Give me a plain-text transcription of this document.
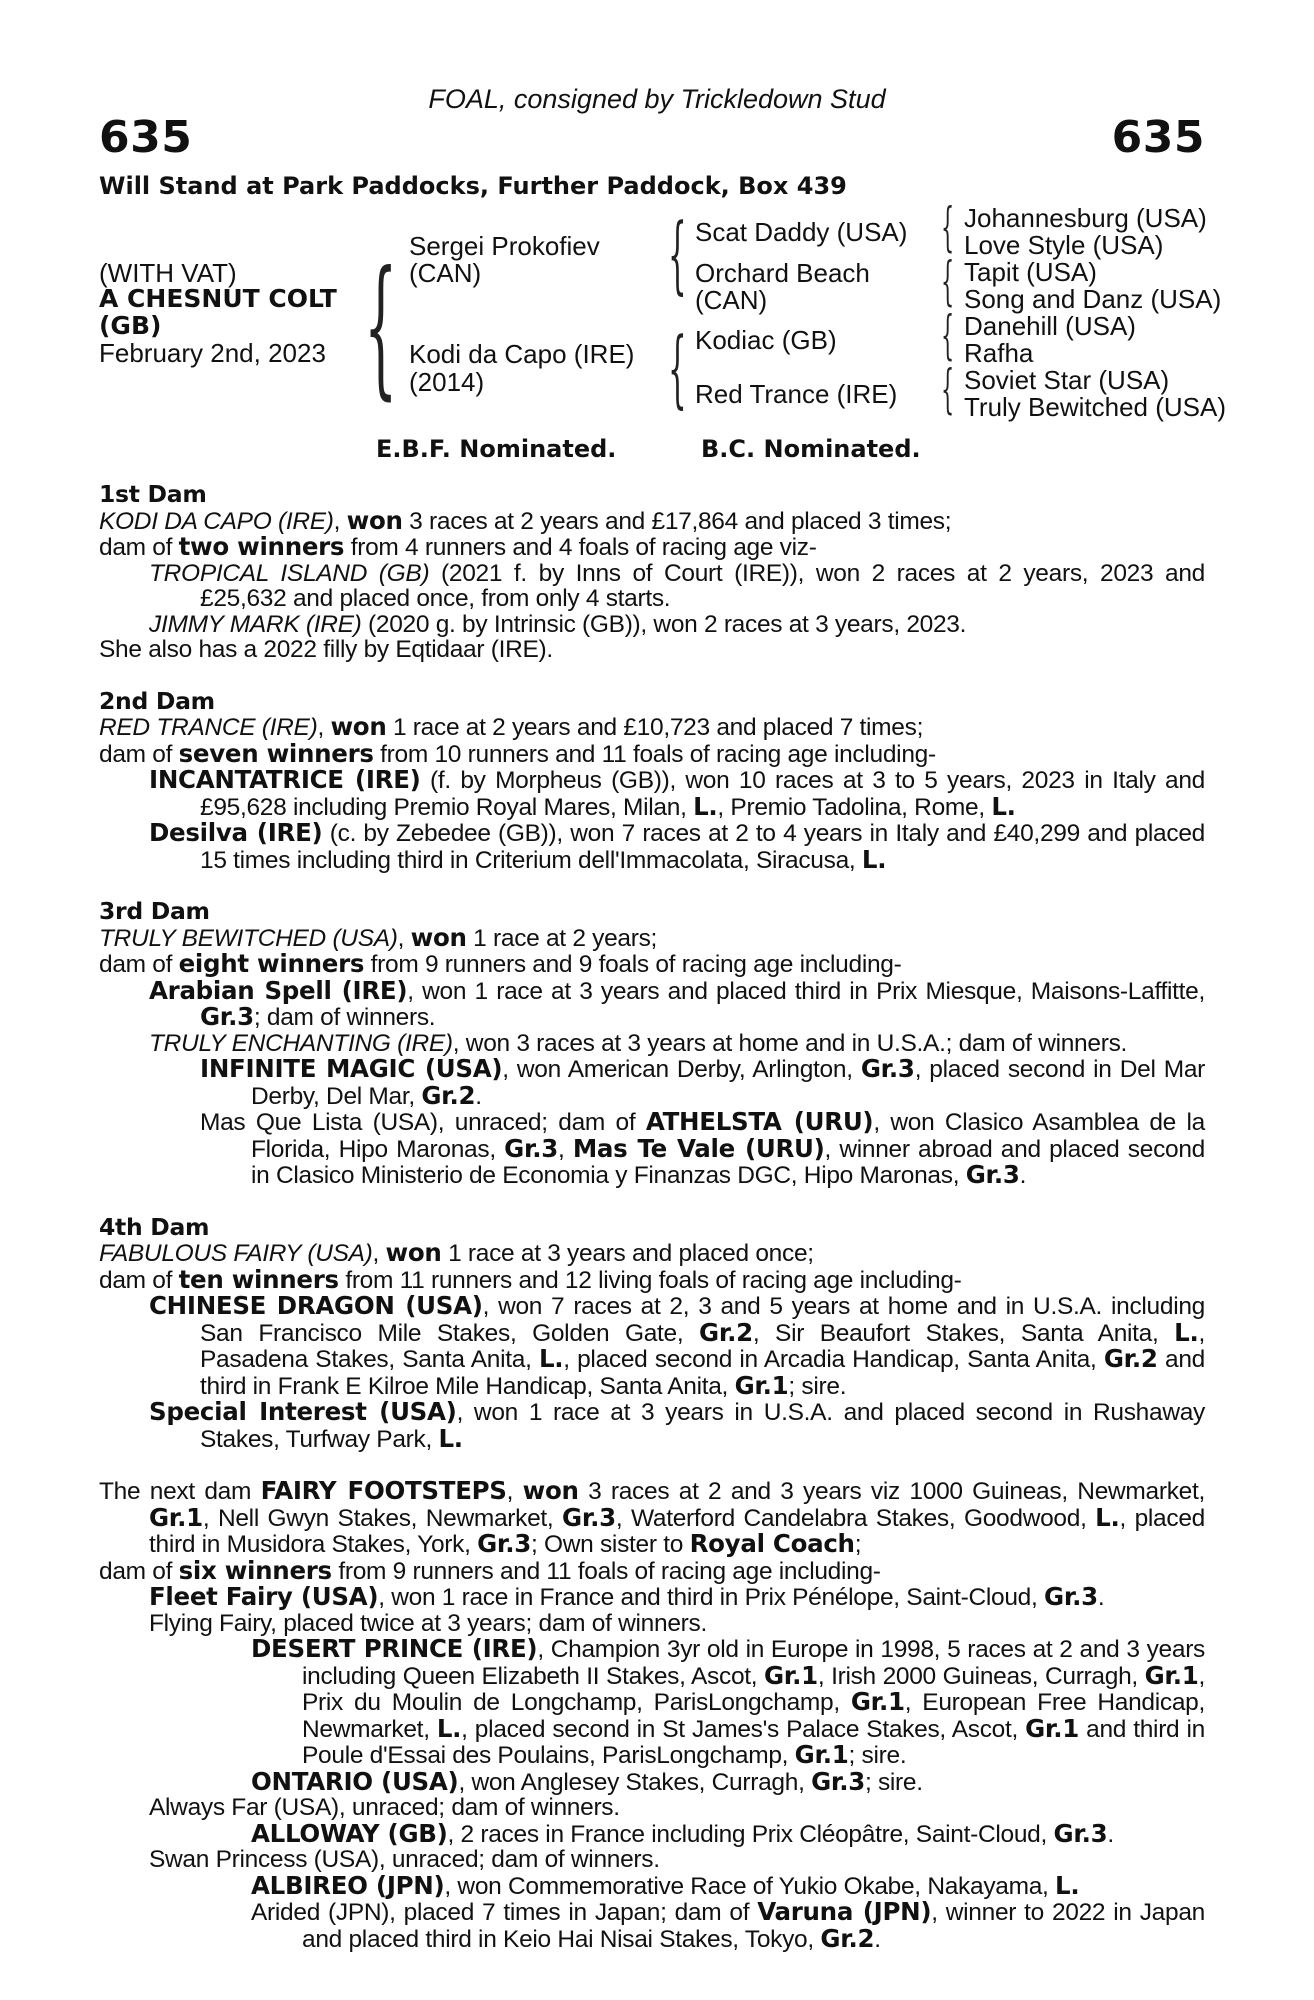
FOAL, consigned by Trickledown Stud
635	635
Will Stand at Park Paddocks, Further Paddock, Box 439
(WITH VAT)
A CHESNUT COLT
(GB)
February 2nd, 2023 { Sergei Prokofiev
(CAN)
Kodi da Capo (IRE)
(2014)
{
{
Scat Daddy (USA)
Orchard Beach
(CAN)
Kodiac (GB)
Red Trance (IRE)
{
{
{
{
Johannesburg (USA)
Love Style (USA)
Tapit (USA)
Song and Danz (USA)
Danehill (USA)
Rafha
Soviet Star (USA)
Truly Bewitched (USA)
E.B.F. Nominated.	B.C. Nominated.

1st Dam

KODI DA CAPO (IRE), won 3 races at 2 years and £17,864 and placed 3 times;

dam of two winners from 4 runners and 4 foals of racing age viz-

TROPICAL ISLAND (GB) (2021 f. by Inns of Court (IRE)), won 2 races at 2 years, 2023 and £25,632 and placed once, from only 4 starts.

JIMMY MARK (IRE) (2020 g. by Intrinsic (GB)), won 2 races at 3 years, 2023.

She also has a 2022 filly by Eqtidaar (IRE).

2nd Dam

RED TRANCE (IRE), won 1 race at 2 years and £10,723 and placed 7 times;

dam of seven winners from 10 runners and 11 foals of racing age including-

INCANTATRICE (IRE) (f. by Morpheus (GB)), won 10 races at 3 to 5 years, 2023 in Italy and £95,628 including Premio Royal Mares, Milan, L., Premio Tadolina, Rome, L.

Desilva (IRE) (c. by Zebedee (GB)), won 7 races at 2 to 4 years in Italy and £40,299 and placed 15 times including third in Criterium dell'Immacolata, Siracusa, L.

3rd Dam

TRULY BEWITCHED (USA), won 1 race at 2 years;

dam of eight winners from 9 runners and 9 foals of racing age including-

Arabian Spell (IRE), won 1 race at 3 years and placed third in Prix Miesque, Maisons-Laffitte, Gr.3; dam of winners.

TRULY ENCHANTING (IRE), won 3 races at 3 years at home and in U.S.A.; dam of winners.

INFINITE MAGIC (USA), won American Derby, Arlington, Gr.3, placed second in Del Mar Derby, Del Mar, Gr.2.

Mas Que Lista (USA), unraced; dam of ATHELSTA (URU), won Clasico Asamblea de la Florida, Hipo Maronas, Gr.3, Mas Te Vale (URU), winner abroad and placed second in Clasico Ministerio de Economia y Finanzas DGC, Hipo Maronas, Gr.3.

4th Dam

FABULOUS FAIRY (USA), won 1 race at 3 years and placed once;

dam of ten winners from 11 runners and 12 living foals of racing age including-

CHINESE DRAGON (USA), won 7 races at 2, 3 and 5 years at home and in U.S.A. including San Francisco Mile Stakes, Golden Gate, Gr.2, Sir Beaufort Stakes, Santa Anita, L., Pasadena Stakes, Santa Anita, L., placed second in Arcadia Handicap, Santa Anita, Gr.2 and third in Frank E Kilroe Mile Handicap, Santa Anita, Gr.1; sire.

Special Interest (USA), won 1 race at 3 years in U.S.A. and placed second in Rushaway Stakes, Turfway Park, L.

The next dam FAIRY FOOTSTEPS, won 3 races at 2 and 3 years viz 1000 Guineas, Newmarket, Gr.1, Nell Gwyn Stakes, Newmarket, Gr.3, Waterford Candelabra Stakes, Goodwood, L., placed third in Musidora Stakes, York, Gr.3; Own sister to Royal Coach;

dam of six winners from 9 runners and 11 foals of racing age including-

Fleet Fairy (USA), won 1 race in France and third in Prix Pénélope, Saint-Cloud, Gr.3.

Flying Fairy, placed twice at 3 years; dam of winners.

DESERT PRINCE (IRE), Champion 3yr old in Europe in 1998, 5 races at 2 and 3 years including Queen Elizabeth II Stakes, Ascot, Gr.1, Irish 2000 Guineas, Curragh, Gr.1, Prix du Moulin de Longchamp, ParisLongchamp, Gr.1, European Free Handicap, Newmarket, L., placed second in St James's Palace Stakes, Ascot, Gr.1 and third in Poule d'Essai des Poulains, ParisLongchamp, Gr.1; sire.

ONTARIO (USA), won Anglesey Stakes, Curragh, Gr.3; sire.

Always Far (USA), unraced; dam of winners.

ALLOWAY (GB), 2 races in France including Prix Cléopâtre, Saint-Cloud, Gr.3.

Swan Princess (USA), unraced; dam of winners.

ALBIREO (JPN), won Commemorative Race of Yukio Okabe, Nakayama, L.

Arided (JPN), placed 7 times in Japan; dam of Varuna (JPN), winner to 2022 in Japan and placed third in Keio Hai Nisai Stakes, Tokyo, Gr.2.
